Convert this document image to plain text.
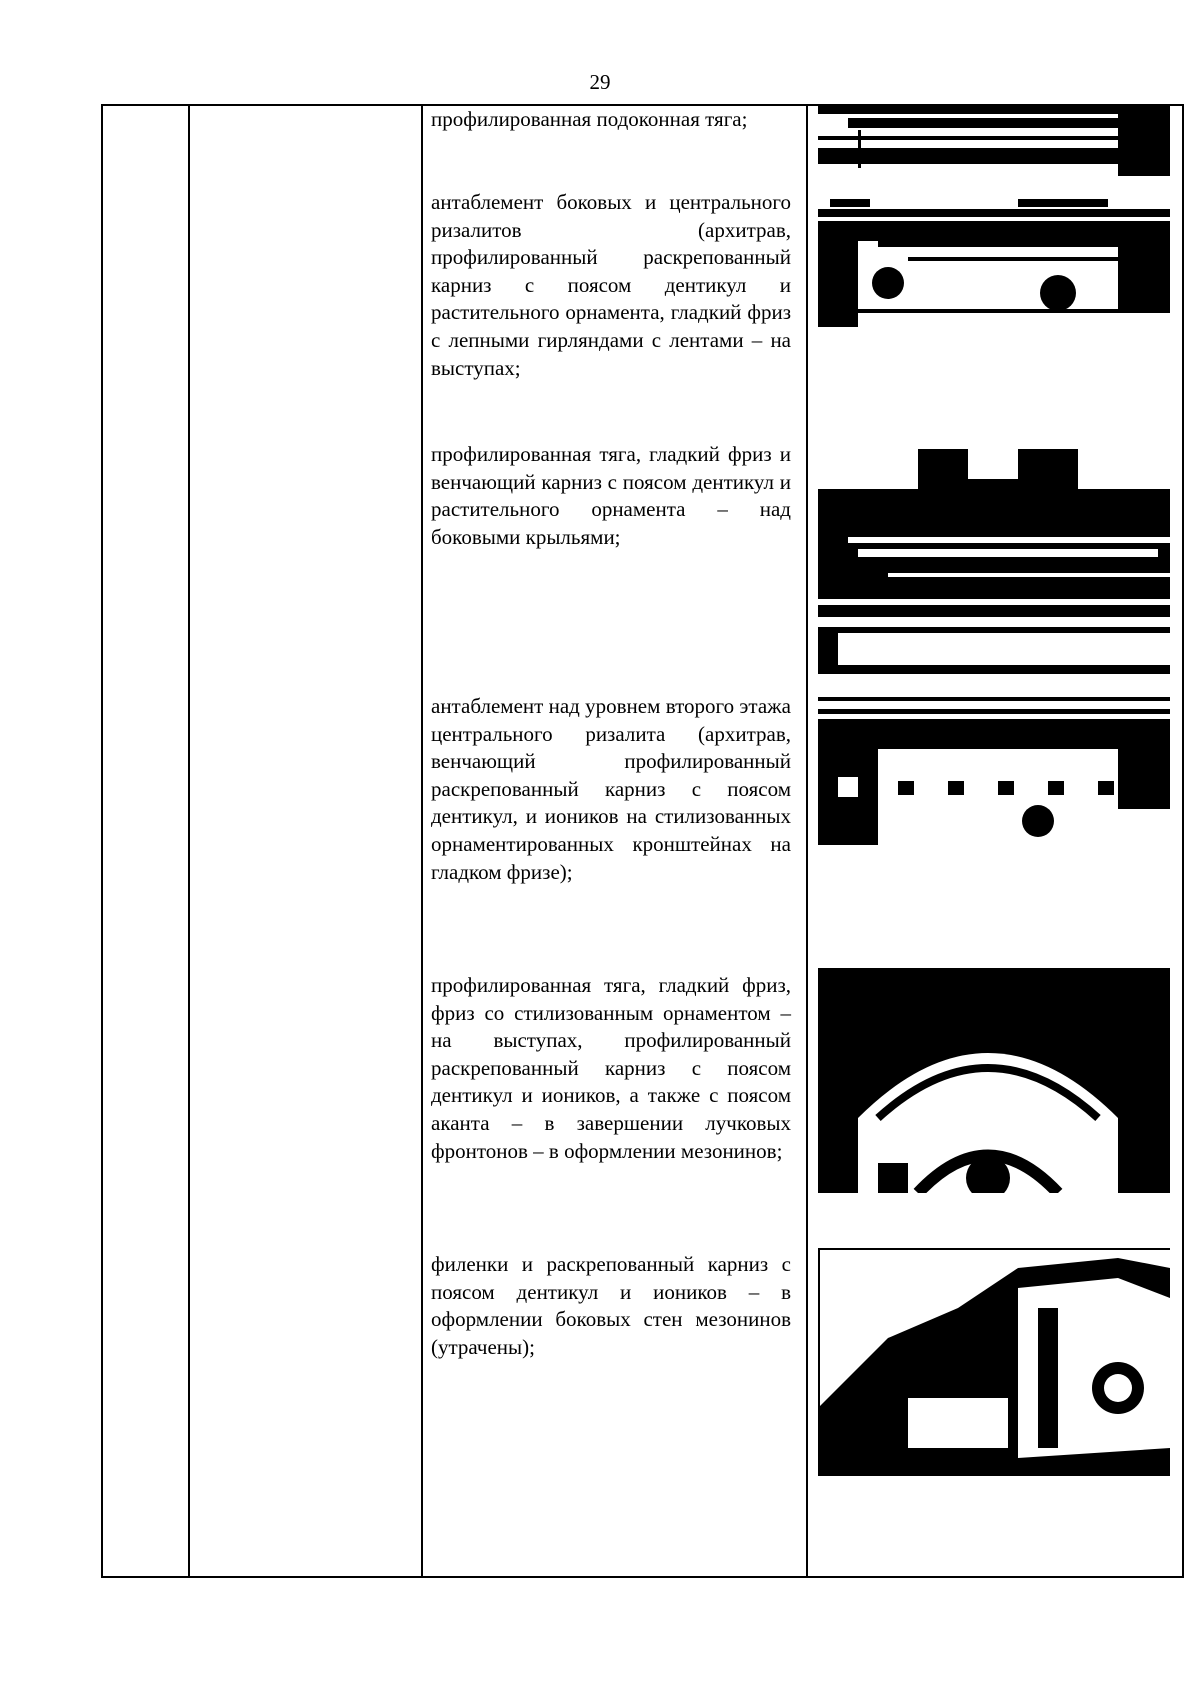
29

профилированная подоконная тяга;

антаблемент боковых и центрального ризалитов (архитрав, профилированный раскрепованный карниз с поясом дентикул и растительного орнамента, гладкий фриз с лепными гирляндами с лентами – на выступах;

профилированная тяга, гладкий фриз и венчающий карниз с поясом дентикул и растительного орнамента – над боковыми крыльями;

антаблемент над уровнем второго этажа центрального ризалита (архитрав, венчающий профилированный раскрепованный карниз с поясом дентикул, и иоников на стилизованных орнаментированных кронштейнах на гладком фризе);

профилированная тяга, гладкий фриз, фриз со стилизованным орнаментом – на выступах, профилированный раскрепованный карниз с поясом дентикул и иоников, а также с поясом аканта – в завершении лучковых фронтонов – в оформлении мезонинов;

филенки и раскрепованный карниз с поясом дентикул и иоников – в оформлении боковых стен мезонинов (утрачены);
